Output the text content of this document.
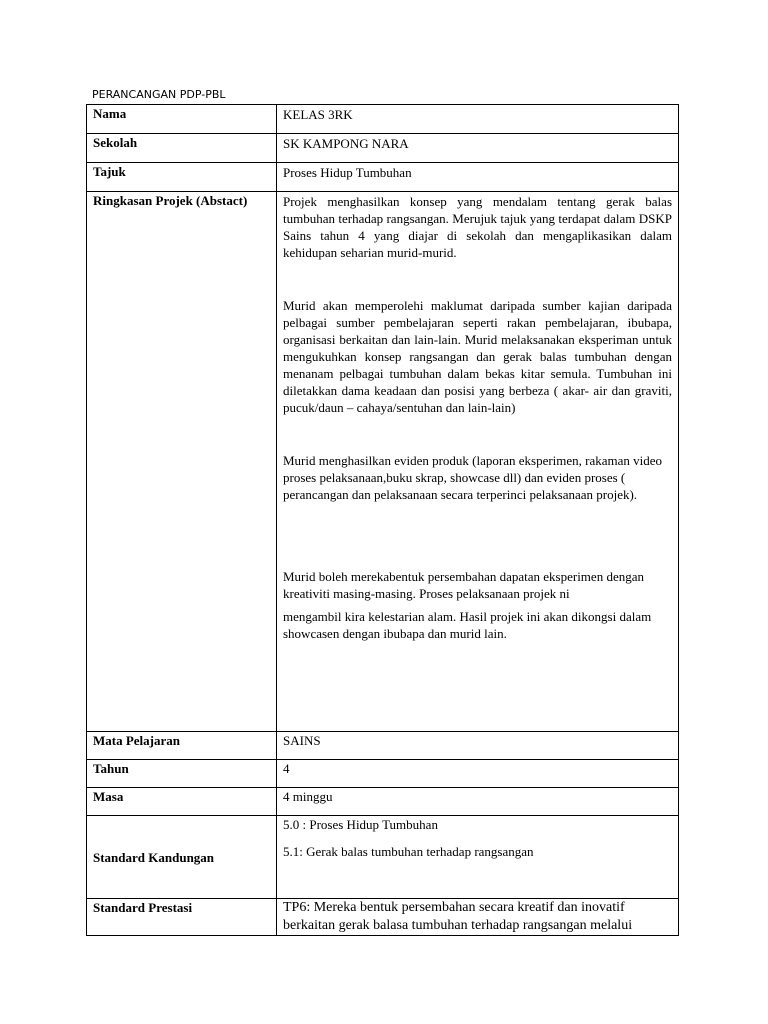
PERANCANGAN PDP-PBL
Nama	KELAS 3RK
Sekolah	SK KAMPONG NARA
Tajuk	Proses Hidup Tumbuhan
Ringkasan Projek (Abstact)	Projek menghasilkan konsep yang mendalam tentang gerak balas tumbuhan terhadap rangsangan. Merujuk tajuk yang terdapat dalam DSKP Sains tahun 4 yang diajar di sekolah dan mengaplikasikan dalam kehidupan seharian murid-murid.

Murid akan memperolehi maklumat daripada sumber kajian daripada pelbagai sumber pembelajaran seperti rakan pembelajaran, ibubapa, organisasi berkaitan dan lain-lain. Murid melaksanakan eksperiman untuk mengukuhkan konsep rangsangan dan gerak balas tumbuhan dengan menanam pelbagai tumbuhan dalam bekas kitar semula. Tumbuhan ini diletakkan dama keadaan dan posisi yang berbeza ( akar- air dan graviti, pucuk/daun – cahaya/sentuhan dan lain-lain)

Murid menghasilkan eviden produk (laporan eksperimen, rakaman video proses pelaksanaan,buku skrap, showcase dll) dan eviden proses ( perancangan dan pelaksanaan secara terperinci pelaksanaan projek).

Murid boleh merekabentuk persembahan dapatan eksperimen dengan kreativiti masing-masing. Proses pelaksanaan projek ni

mengambil kira kelestarian alam. Hasil projek ini akan dikongsi dalam showcasen dengan ibubapa dan murid lain.

Mata Pelajaran	SAINS
Tahun	4
Masa	4 minggu
Standard Kandungan	5.0 : Proses Hidup Tumbuhan

5.1: Gerak balas tumbuhan terhadap rangsangan

Standard Prestasi	TP6: Mereka bentuk persembahan secara kreatif dan inovatif berkaitan gerak balasa tumbuhan terhadap rangsangan melalui
